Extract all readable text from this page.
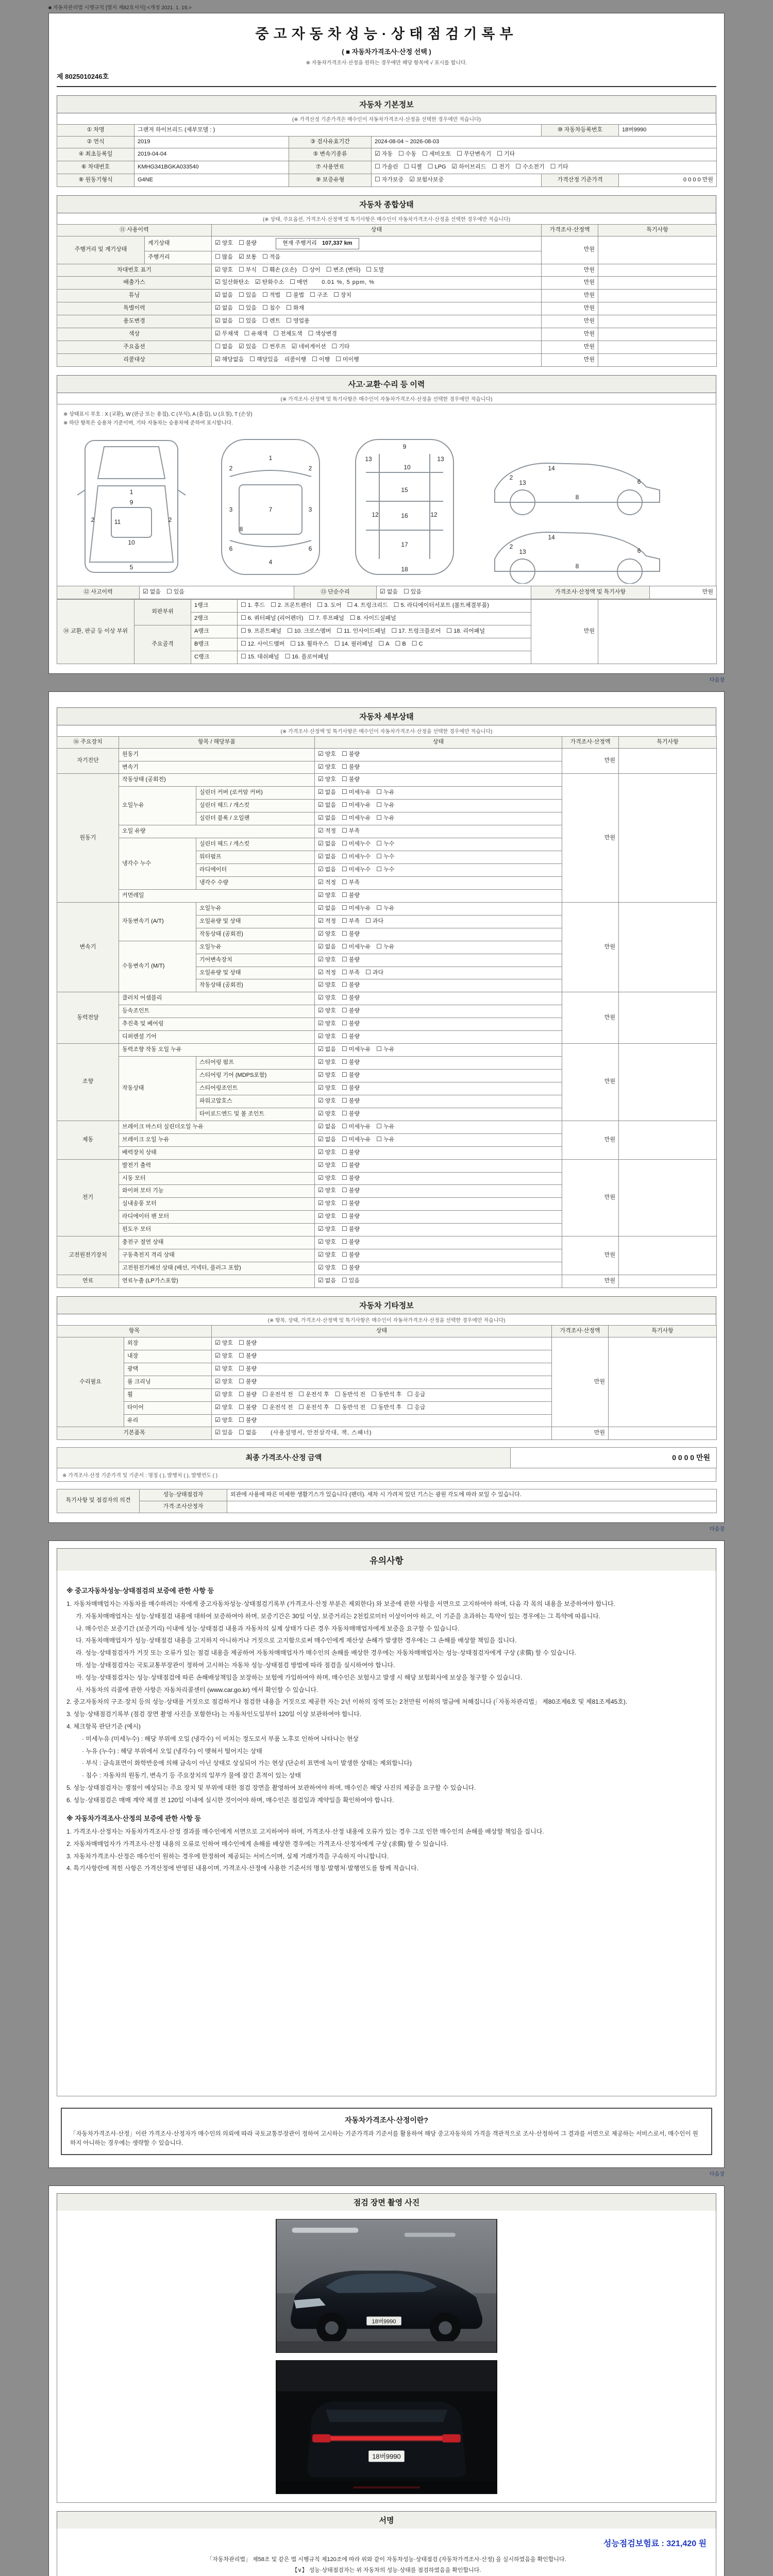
■ 자동차관리법 시행규칙 [별지 제82호서식] <개정 2021. 1. 19.>
중고자동차성능·상태점검기록부
( ■ 자동차가격조사·산정 선택 )
※ 자동차가격조사·산정을 원하는 경우에만 해당 항목에 √ 표시를 합니다.
제 8025010246호
자동차 기본정보
(※ 가격산정 기준가격은 매수인이 자동차가격조사·산정을 선택한 경우에만 적습니다)
① 차명	그랜저 하이브리드 (세부모델 : )			⑩ 자동차등록번호	18버9990
② 연식	2019	③ 검사유효기간	2024-08-04 ~ 2026-08-03		
④ 최초등록일	2019-04-04	⑤ 변속기종류	☑ 자동 ☐ 수동 ☐ 세미오토 ☐ 무단변속기 ☐ 기타		
⑥ 차대번호	KMHG341BGKA033540	⑦ 사용연료	☐ 가솔린 ☐ 디젤 ☐ LPG ☑ 하이브리드 ☐ 전기 ☐ 수소전기 ☐ 기타		
⑧ 원동기형식	G4NE	⑨ 보증유형	☐ 자가보증 ☑ 보험사보증	가격산정 기준가격	0 0 0 0 만원
자동차 종합상태
(※ 상태, 주요옵션, 가격조사·산정액 및 특기사항은 매수인이 자동차가격조사·산정을 선택한 경우에만 적습니다)
⑪ 사용이력		상태	가격조사·산정액	특기사항
주행거리 및 계기상태	계기상태	☑ 양호 ☐ 불량 현재 주행거리 107,337 km	만원	
	주행거리	☐ 많음 ☑ 보통 ☐ 적음		
차대번호 표기		☑ 양호 ☐ 부식 ☐ 훼손 (오손) ☐ 상이 ☐ 변조 (변타) ☐ 도말	만원	
배출가스		☑ 일산화탄소 ☑ 탄화수소 ☐ 매연 0.01 %, 5 ppm, %	만원	
튜닝		☑ 없음 ☐ 있음 ☐ 적법 ☐ 불법 ☐ 구조 ☐ 장치	만원	
특별이력		☑ 없음 ☐ 있음 ☐ 침수 ☐ 화재	만원	
용도변경		☑ 없음 ☐ 있음 ☐ 렌트 ☐ 영업용	만원	
색상		☑ 무채색 ☐ 유채색 ☐ 전체도색 ☐ 색상변경	만원	
주요옵션		☐ 없음 ☑ 있음 ☐ 썬루프 ☑ 네비게이션 ☐ 기타	만원	
리콜대상		☑ 해당없음 ☐ 해당있음 리콜이행 ☐ 이행 ☐ 미이행	만원	
사고·교환·수리 등 이력
(※ 가격조사·산정액 및 특기사항은 매수인이 자동차가격조사·산정을 선택한 경우에만 적습니다)

※ 상태표시 부호 : X (교환), W (판금 또는 용접), C (부식), A (흠집), U (요철), T (손상)

※ 하단 항목은 승용차 기준이며, 기타 자동차는 승용차에 준하여 표시합니다.

1
2	2
9
10
11
5
1
2	2
7
3	3
6	6
4
8
9
10
12	12
15
16
17
18
13	13
14
13
8
6
2
14
13
8
6
2
⑫ 사고이력	☑ 없음 ☐ 있음	⑬ 단순수리	☑ 없음 ☐ 있음	가격조사·산정액 및 특기사항	만원
⑭ 교환, 판금 등 이상 부위	외판부위	1랭크	☐ 1. 후드 ☐ 2. 프론트펜더 ☐ 3. 도어 ☐ 4. 트렁크리드 ☐ 5. 라디에이터서포트 (볼트체결부품)	만원	
		2랭크	☐ 6. 쿼터패널 (리어펜더) ☐ 7. 루프패널 ☐ 8. 사이드실패널		
	주요골격	A랭크	☐ 9. 프론트패널 ☐ 10. 크로스멤버 ☐ 11. 인사이드패널 ☐ 17. 트렁크플로어 ☐ 18. 리어패널		
		B랭크	☐ 12. 사이드멤버 ☐ 13. 휠하우스 ☐ 14. 필러패널 ☐ A ☐ B ☐ C		
		C랭크	☐ 15. 대쉬패널 ☐ 16. 플로어패널		
다음장
자동차 세부상태
(※ 가격조사·산정액 및 특기사항은 매수인이 자동차가격조사·산정을 선택한 경우에만 적습니다)
⑯ 주요장치	항목 / 해당부품		상태	가격조사·산정액	특기사항
자기진단	원동기		☑ 양호 ☐ 불량	만원	
	변속기		☑ 양호 ☐ 불량		
원동기	작동상태 (공회전)		☑ 양호 ☐ 불량	만원	
	오일누유	실린더 커버 (로커암 커버)	☑ 없음 ☐ 미세누유 ☐ 누유		
		실린더 헤드 / 개스킷	☑ 없음 ☐ 미세누유 ☐ 누유		
		실린더 블록 / 오일팬	☑ 없음 ☐ 미세누유 ☐ 누유		
	오일 유량		☑ 적정 ☐ 부족		
	냉각수 누수	실린더 헤드 / 개스킷	☑ 없음 ☐ 미세누수 ☐ 누수		
		워터펌프	☑ 없음 ☐ 미세누수 ☐ 누수		
		라디에이터	☑ 없음 ☐ 미세누수 ☐ 누수		
		냉각수 수량	☑ 적정 ☐ 부족		
	커먼레일		☑ 양호 ☐ 불량		
변속기	자동변속기 (A/T)	오일누유	☑ 없음 ☐ 미세누유 ☐ 누유	만원	
		오일유량 및 상태	☑ 적정 ☐ 부족 ☐ 과다		
		작동상태 (공회전)	☑ 양호 ☐ 불량		
	수동변속기 (M/T)	오일누유	☑ 없음 ☐ 미세누유 ☐ 누유		
		기어변속장치	☑ 양호 ☐ 불량		
		오일유량 및 상태	☑ 적정 ☐ 부족 ☐ 과다		
		작동상태 (공회전)	☑ 양호 ☐ 불량		
동력전달	클러치 어셈블리		☑ 양호 ☐ 불량	만원	
	등속조인트		☑ 양호 ☐ 불량		
	추진축 및 베어링		☑ 양호 ☐ 불량		
	디퍼렌셜 기어		☑ 양호 ☐ 불량		
조향	동력조향 작동 오일 누유		☑ 없음 ☐ 미세누유 ☐ 누유	만원	
	작동상태	스티어링 펌프	☑ 양호 ☐ 불량		
		스티어링 기어 (MDPS포함)	☑ 양호 ☐ 불량		
		스티어링조인트	☑ 양호 ☐ 불량		
		파워고압호스	☑ 양호 ☐ 불량		
		타이로드엔드 및 볼 조인트	☑ 양호 ☐ 불량		
제동	브레이크 마스터 실린더오일 누유		☑ 없음 ☐ 미세누유 ☐ 누유	만원	
	브레이크 오일 누유		☑ 없음 ☐ 미세누유 ☐ 누유		
	배력장치 상태		☑ 양호 ☐ 불량		
전기	발전기 출력		☑ 양호 ☐ 불량	만원	
	시동 모터		☑ 양호 ☐ 불량		
	와이퍼 모터 기능		☑ 양호 ☐ 불량		
	실내송풍 모터		☑ 양호 ☐ 불량		
	라디에이터 팬 모터		☑ 양호 ☐ 불량		
	윈도우 모터		☑ 양호 ☐ 불량		
고전원전기장치	충전구 절연 상태		☑ 양호 ☐ 불량	만원	
	구동축전지 격리 상태		☑ 양호 ☐ 불량		
	고전원전기배선 상태 (배선, 커넥터, 플러그 포함)		☑ 양호 ☐ 불량		
연료	연료누출 (LP가스포함)		☑ 없음 ☐ 있음	만원	
자동차 기타정보
(※ 항목, 상태, 가격조사·산정액 및 특기사항은 매수인이 자동차가격조사·산정을 선택한 경우에만 적습니다)
항목		상태	가격조사·산정액	특기사항
수리필요	외장	☑ 양호 ☐ 불량	만원	
	내장	☑ 양호 ☐ 불량		
	광택	☑ 양호 ☐ 불량		
	룸 크리닝	☑ 양호 ☐ 불량		
	휠	☑ 양호 ☐ 불량 ☐ 운전석 전 ☐ 운전석 후 ☐ 동반석 전 ☐ 동반석 후 ☐ 응급		
	타이어	☑ 양호 ☐ 불량 ☐ 운전석 전 ☐ 운전석 후 ☐ 동반석 전 ☐ 동반석 후 ☐ 응급		
	유리	☑ 양호 ☐ 불량		
기본품목		☑ 있음 ☐ 없음 (사용설명서, 안전삼각대, 잭, 스패너)	만원	
최종 가격조사·산정 금액	0 0 0 0 만원
※ 가격조사·산정 기준가격 및 기준서 : 명칭 ( ), 발행처 ( ), 발행연도 ( )
특기사항 및 점검자의 의견	성능·상태점검자	외관에 사용에 따른 미세한 생활기스가 있습니다 (펜더). 세차 시 가려져 있던 기스는 광원 각도에 따라 보일 수 있습니다.
	가격·조사산정자	
다음장
유의사항

※ 중고자동차성능·상태점검의 보증에 관한 사항 등

1. 자동차매매업자는 자동차를 매수하려는 자에게 중고자동차성능·상태점검기록부 (가격조사·산정 부분은 제외한다) 와 보증에 관한 사항을 서면으로 고지하여야 하며, 다음 각 목의 내용을 보증하여야 합니다.

가. 자동차매매업자는 성능·상태점검 내용에 대하여 보증하여야 하며, 보증기간은 30일 이상, 보증거리는 2천킬로미터 이상이어야 하고, 이 기준을 초과하는 특약이 있는 경우에는 그 특약에 따릅니다.

나. 매수인은 보증기간 (보증거리) 이내에 성능·상태점검 내용과 자동차의 실제 상태가 다른 경우 자동차매매업자에게 보증을 요구할 수 있습니다.

다. 자동차매매업자가 성능·상태점검 내용을 고지하지 아니하거나 거짓으로 고지함으로써 매수인에게 재산상 손해가 발생한 경우에는 그 손해를 배상할 책임을 집니다.

라. 성능·상태점검자가 거짓 또는 오류가 있는 점검 내용을 제공하여 자동차매매업자가 매수인의 손해를 배상한 경우에는 자동차매매업자는 성능·상태점검자에게 구상 (求償) 할 수 있습니다.

마. 성능·상태점검자는 국토교통부장관이 정하여 고시하는 자동차 성능·상태점검 방법에 따라 점검을 실시하여야 합니다.

바. 성능·상태점검자는 성능·상태점검에 따른 손해배상책임을 보장하는 보험에 가입하여야 하며, 매수인은 보험사고 발생 시 해당 보험회사에 보상을 청구할 수 있습니다.

사. 자동차의 리콜에 관한 사항은 자동차리콜센터 (www.car.go.kr) 에서 확인할 수 있습니다.

2. 중고자동차의 구조·장치 등의 성능·상태를 거짓으로 점검하거나 점검한 내용을 거짓으로 제공한 자는 2년 이하의 징역 또는 2천만원 이하의 벌금에 처해집니다 (「자동차관리법」 제80조제6호 및 제81조제45호).

3. 성능·상태점검기록부 (점검 장면 촬영 사진을 포함한다) 는 자동차인도일부터 120일 이상 보관하여야 합니다.

4. 체크항목 판단기준 (예시)

· 미세누유 (미세누수) : 해당 부위에 오일 (냉각수) 이 비치는 정도로서 부품 노후로 인하여 나타나는 현상

· 누유 (누수) : 해당 부위에서 오일 (냉각수) 이 맺혀서 떨어지는 상태

· 부식 : 금속표면이 화학반응에 의해 금속이 아닌 상태로 상실되어 가는 현상 (단순히 표면에 녹이 발생한 상태는 제외합니다)

· 침수 : 자동차의 원동기, 변속기 등 주요장치의 일부가 물에 잠긴 흔적이 있는 상태

5. 성능·상태점검자는 쟁점이 예상되는 주요 장치 및 부위에 대한 점검 장면을 촬영하여 보관하여야 하며, 매수인은 해당 사진의 제공을 요구할 수 있습니다.

6. 성능·상태점검은 매매 계약 체결 전 120일 이내에 실시한 것이어야 하며, 매수인은 점검일과 계약일을 확인하여야 합니다.

※ 자동차가격조사·산정의 보증에 관한 사항 등

1. 가격조사·산정자는 자동차가격조사·산정 결과를 매수인에게 서면으로 고지하여야 하며, 가격조사·산정 내용에 오류가 있는 경우 그로 인한 매수인의 손해를 배상할 책임을 집니다.

2. 자동차매매업자가 가격조사·산정 내용의 오류로 인하여 매수인에게 손해를 배상한 경우에는 가격조사·산정자에게 구상 (求償) 할 수 있습니다.

3. 자동차가격조사·산정은 매수인이 원하는 경우에 한정하여 제공되는 서비스이며, 실제 거래가격을 구속하지 아니합니다.

4. 특기사항란에 적힌 사항은 가격산정에 반영된 내용이며, 가격조사·산정에 사용한 기준서의 명칭·발행처·발행연도를 함께 적습니다.

자동차가격조사·산정이란?

「자동차가격조사·산정」이란 가격조사·산정자가 매수인의 의뢰에 따라 국토교통부장관이 정하여 고시하는 기준가격과 기준서를 활용하여 해당 중고자동차의 가격을 객관적으로 조사·산정하여 그 결과를 서면으로 제공하는 서비스로서, 매수인이 원하지 아니하는 경우에는 생략할 수 있습니다.

다음장
점검 장면 촬영 사진
18버9990
18버9990
서명
성능점검보험료 : 321,420 원

「자동차관리법」 제58조 및 같은 법 시행규칙 제120조에 따라 위와 같이 자동차성능·상태점검 (자동차가격조사·산정) 을 실시하였음을 확인합니다.

【∨】 성능·상태점검자는 위 자동차의 성능·상태를 점검하였음을 확인합니다.
